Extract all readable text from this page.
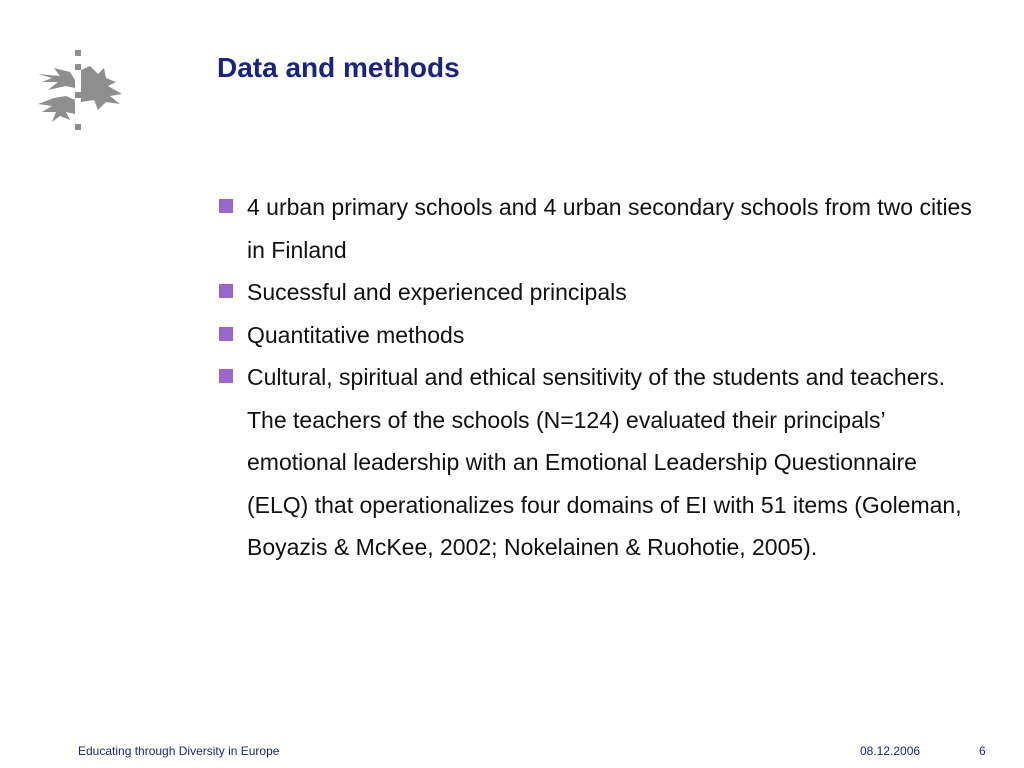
Data and methods
4 urban primary schools and 4 urban secondary schools from two cities in Finland
Sucessful and experienced principals
Quantitative methods
Cultural, spiritual and ethical sensitivity of the students and teachers. The teachers of the schools (N=124) evaluated their principals’ emotional leadership with an Emotional Leadership Questionnaire (ELQ) that operationalizes four domains of EI with 51 items (Goleman, Boyazis & McKee, 2002; Nokelainen & Ruohotie, 2005).
Educating through Diversity in Europe	08.12.2006	6
